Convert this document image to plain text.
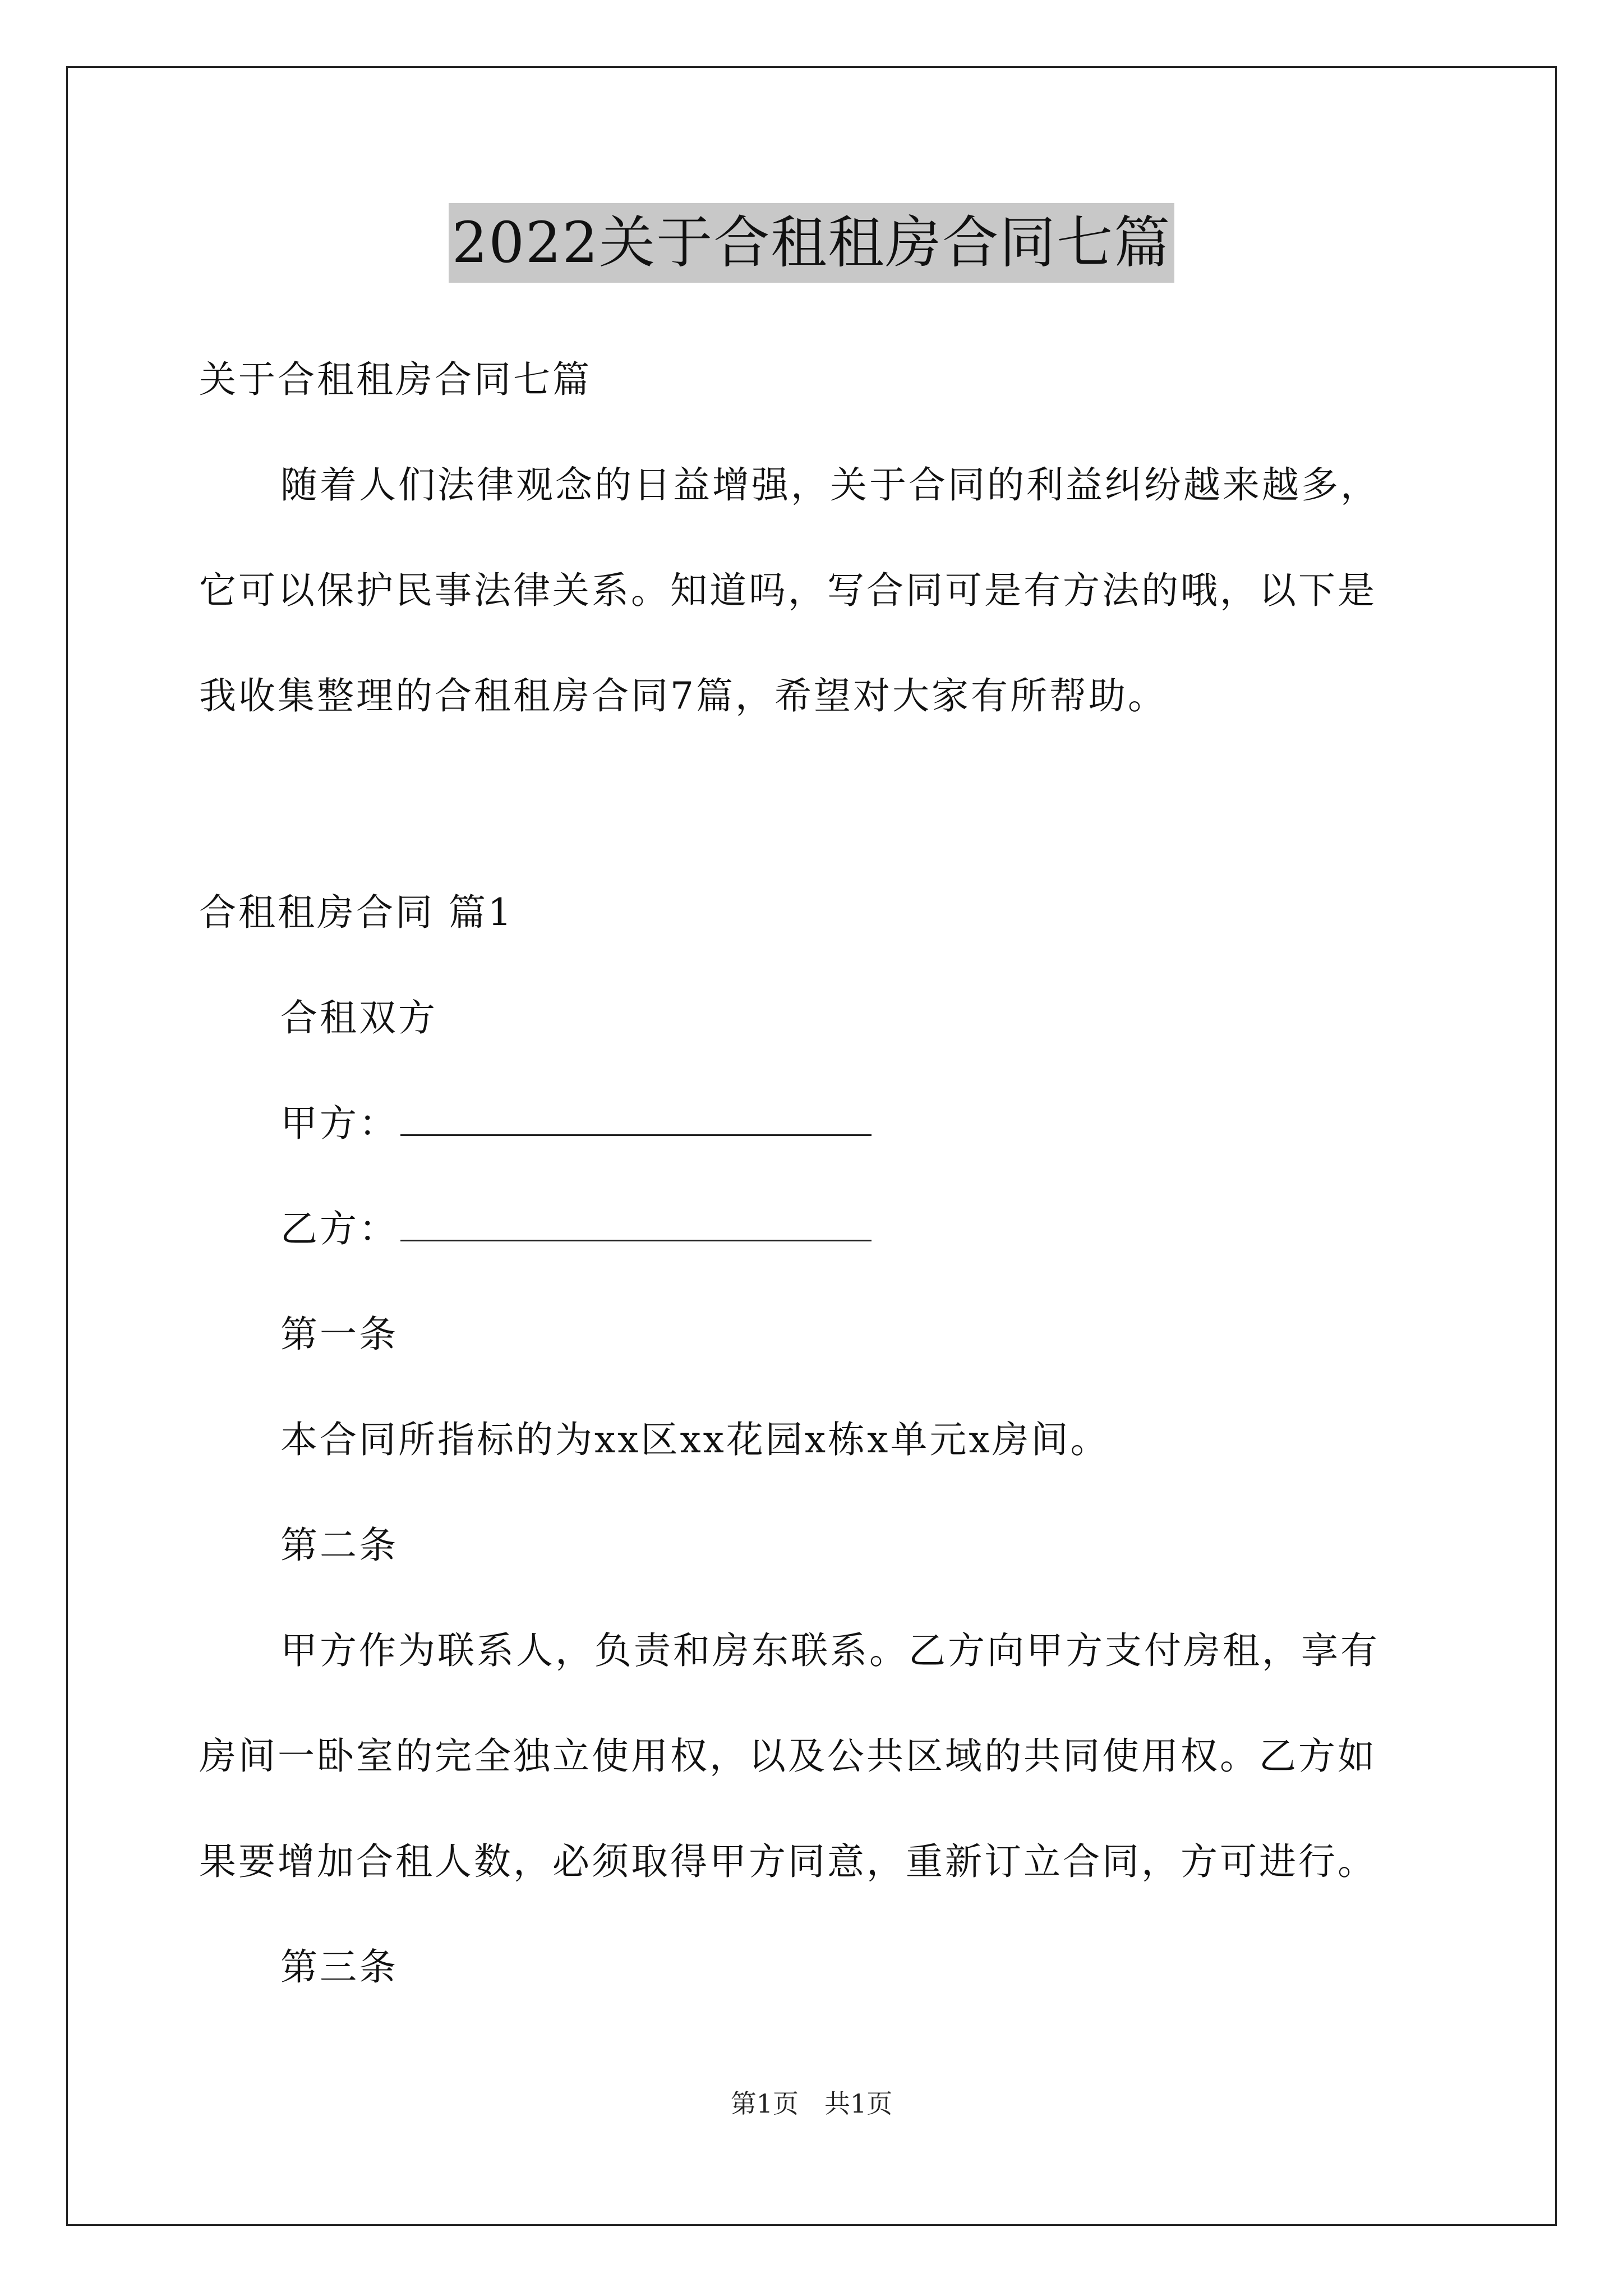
2022关于合租租房合同七篇
关于合租租房合同七篇
随着人们法律观念的日益增强，关于合同的利益纠纷越来越多，
它可以保护民事法律关系。知道吗，写合同可是有方法的哦，以下是
我收集整理的合租租房合同7篇，希望对大家有所帮助。
合租租房合同 篇1
合租双方
甲方：
乙方：
第一条
本合同所指标的为xx区xx花园x栋x单元x房间。
第二条
甲方作为联系人，负责和房东联系。乙方向甲方支付房租，享有
房间一卧室的完全独立使用权，以及公共区域的共同使用权。乙方如
果要增加合租人数，必须取得甲方同意，重新订立合同，方可进行。
第三条
第1页　共1页
